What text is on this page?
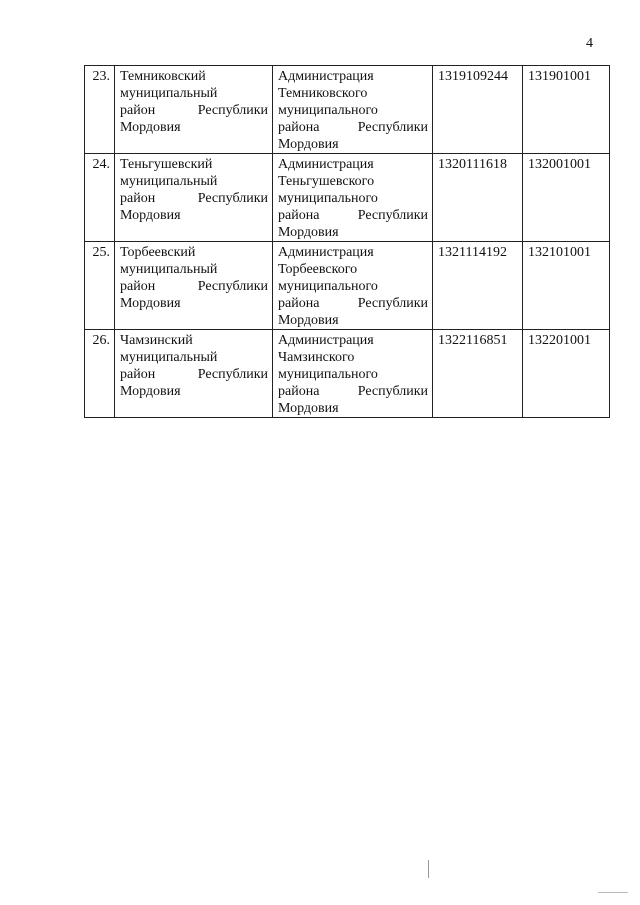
4
23.	Темниковский
муниципальный
район Республики
Мордовия	Администрация
Темниковского
муниципального
района Республики
Мордовия	1319109244	131901001
24.	Теньгушевский
муниципальный
район Республики
Мордовия	Администрация
Теньгушевского
муниципального
района Республики
Мордовия	1320111618	132001001
25.	Торбеевский
муниципальный
район Республики
Мордовия	Администрация
Торбеевского
муниципального
района Республики
Мордовия	1321114192	132101001
26.	Чамзинский
муниципальный
район Республики
Мордовия	Администрация
Чамзинского
муниципального
района Республики
Мордовия	1322116851	132201001
